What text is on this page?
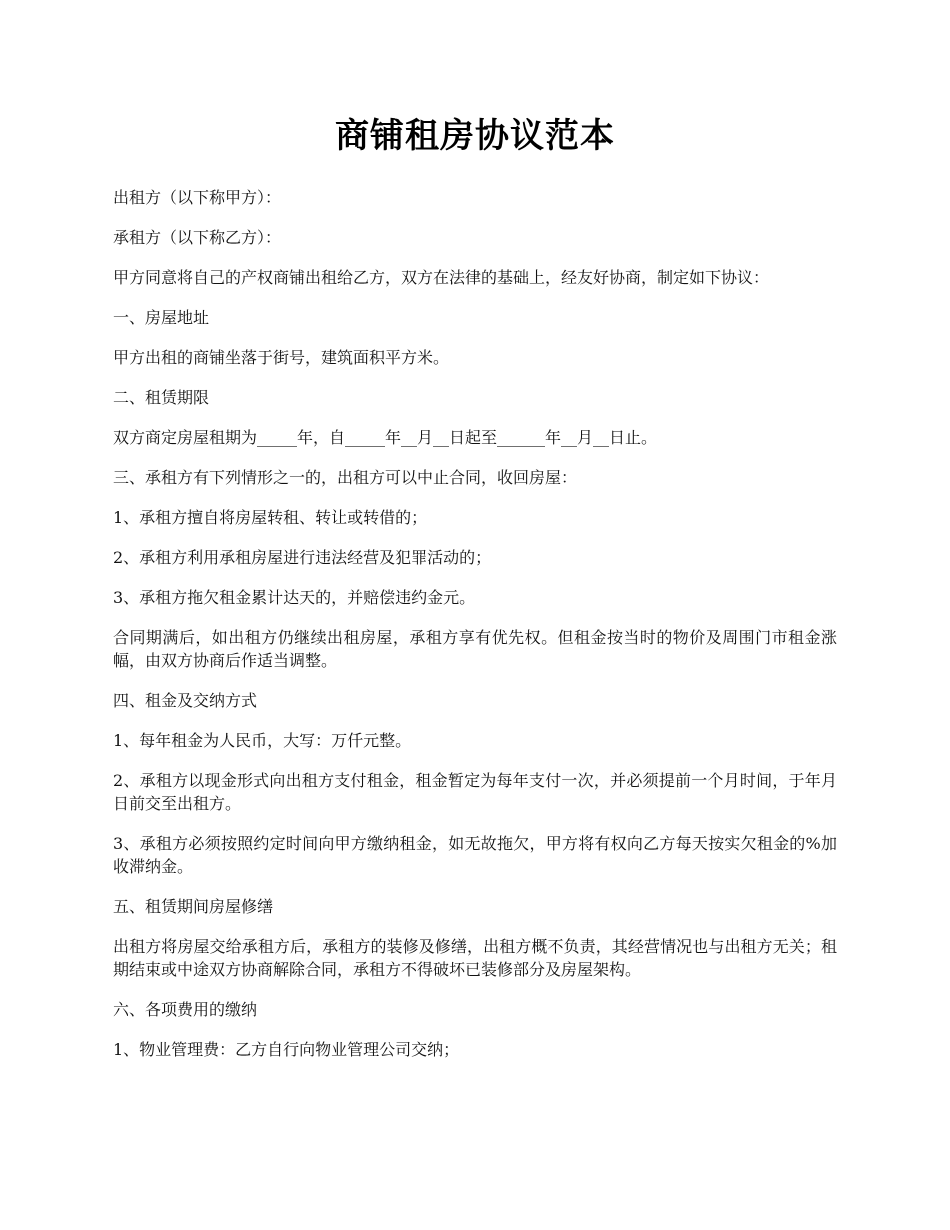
商铺租房协议范本

出租方（以下称甲方）：

承租方（以下称乙方）：

甲方同意将自己的产权商铺出租给乙方，双方在法律的基础上，经友好协商，制定如下协议：

一、房屋地址

甲方出租的商铺坐落于街号，建筑面积平方米。

二、租赁期限

双方商定房屋租期为_____年，自_____年__月__日起至______年__月__日止。

三、承租方有下列情形之一的，出租方可以中止合同，收回房屋：

1、承租方擅自将房屋转租、转让或转借的；

2、承租方利用承租房屋进行违法经营及犯罪活动的；

3、承租方拖欠租金累计达天的，并赔偿违约金元。

合同期满后，如出租方仍继续出租房屋，承租方享有优先权。但租金按当时的物价及周围门市租金涨幅，由双方协商后作适当调整。

四、租金及交纳方式

1、每年租金为人民币，大写：万仟元整。

2、承租方以现金形式向出租方支付租金，租金暂定为每年支付一次，并必须提前一个月时间，于年月日前交至出租方。

3、承租方必须按照约定时间向甲方缴纳租金，如无故拖欠，甲方将有权向乙方每天按实欠租金的%加收滞纳金。

五、租赁期间房屋修缮

出租方将房屋交给承租方后，承租方的装修及修缮，出租方概不负责，其经营情况也与出租方无关；租期结束或中途双方协商解除合同，承租方不得破坏已装修部分及房屋架构。

六、各项费用的缴纳

1、物业管理费：乙方自行向物业管理公司交纳；
